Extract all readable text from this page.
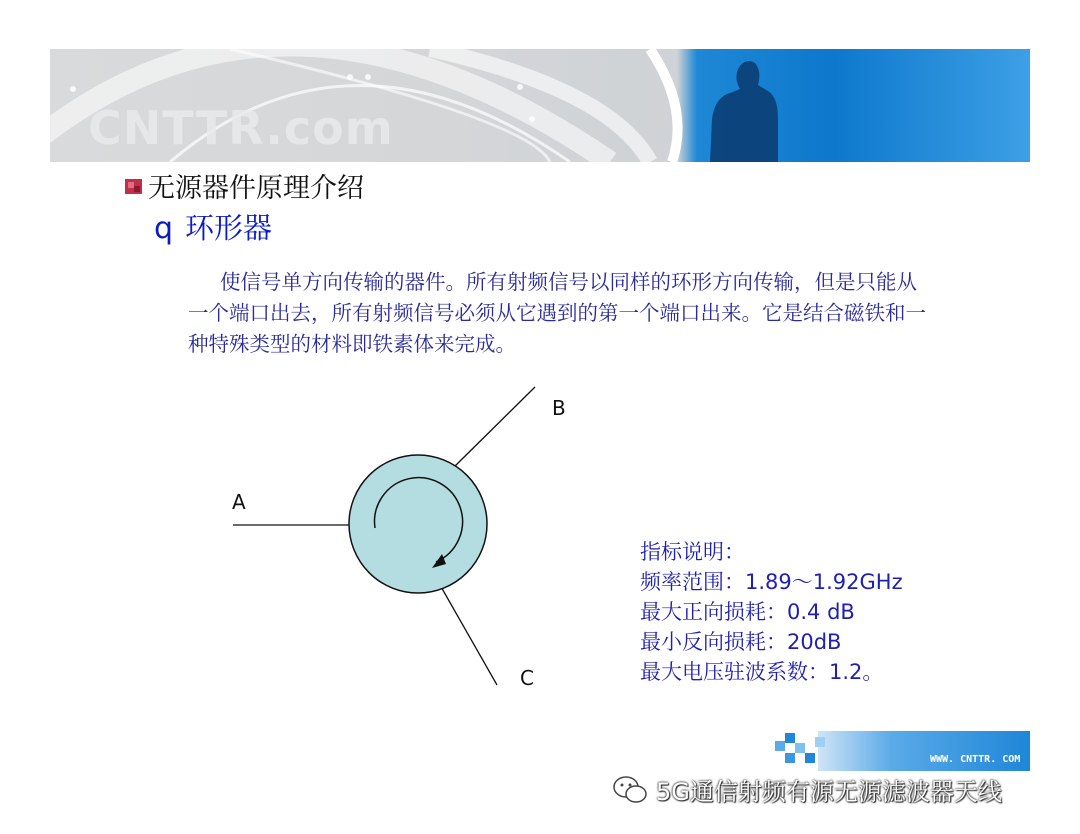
CNTTR.com
无源器件原理介绍
q 环形器

使信号单方向传输的器件。所有射频信号以同样的环形方向传输，但是只能从一个端口出去，所有射频信号必须从它遇到的第一个端口出来。它是结合磁铁和一种特殊类型的材料即铁素体来完成。

A
B
C
指标说明：
频率范围：1.89～1.92GHz
最大正向损耗：0.4 dB
最小反向损耗：20dB
最大电压驻波系数：1.2。
WWW. CNTTR. COM
5G通信射频有源无源滤波器天线
